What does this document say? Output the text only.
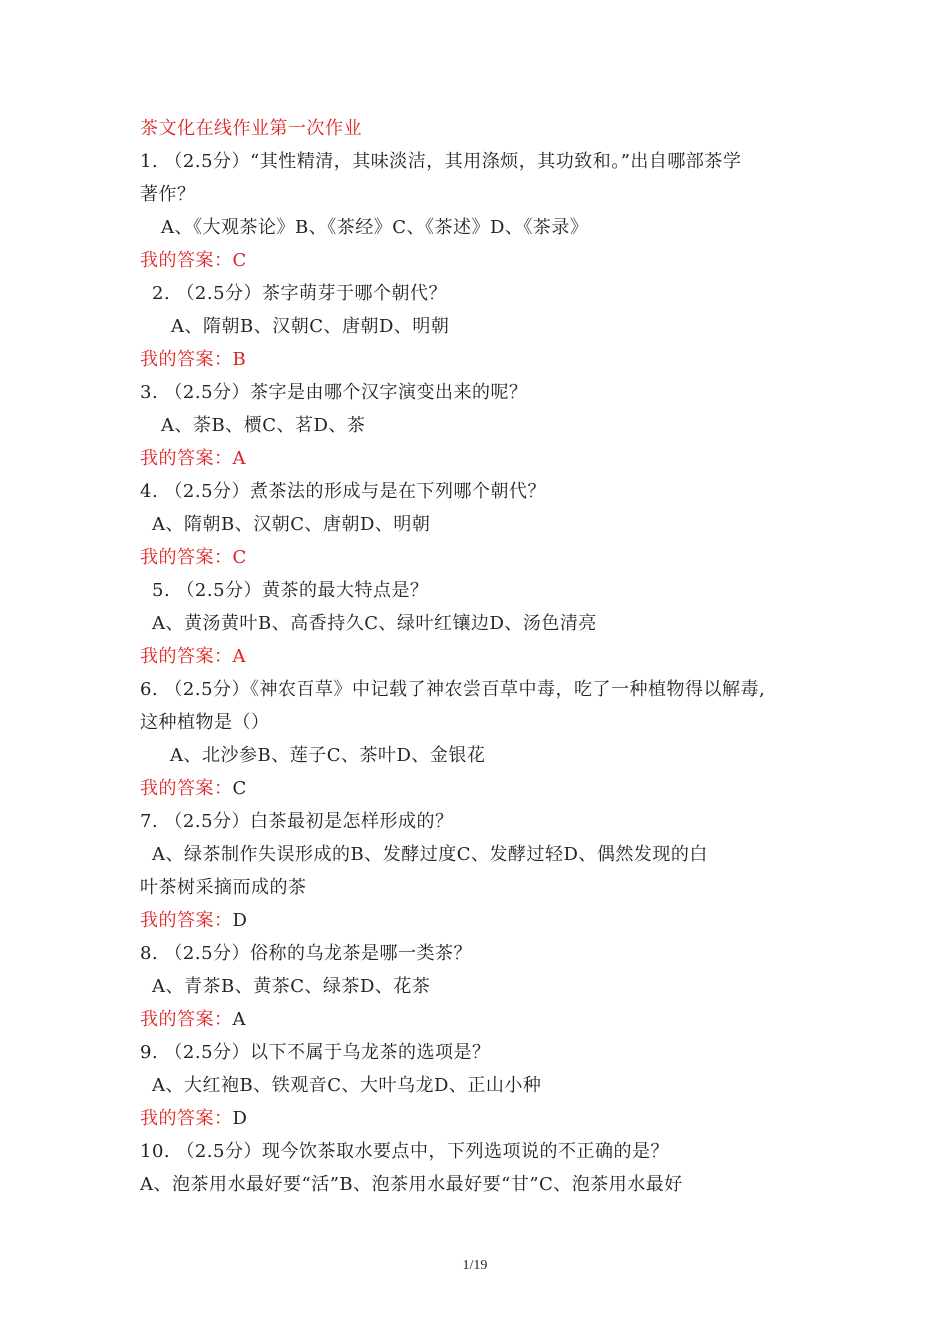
茶文化在线作业第一次作业
1. （2.5分）“其性精清，其味淡洁，其用涤烦，其功致和。”出自哪部茶学
著作？
A、《大观茶论》B、《茶经》C、《茶述》D、《茶录》
我的答案：C
2. （2.5分）茶字萌芽于哪个朝代？
A、隋朝B、汉朝C、唐朝D、明朝
我的答案：B
3. （2.5分）茶字是由哪个汉字演变出来的呢？
A、荼B、槚C、茗D、茶
我的答案：A
4. （2.5分）煮茶法的形成与是在下列哪个朝代？
A、隋朝B、汉朝C、唐朝D、明朝
我的答案：C
5. （2.5分）黄茶的最大特点是？
A、黄汤黄叶B、高香持久C、绿叶红镶边D、汤色清亮
我的答案：A
6. （2.5分）《神农百草》中记载了神农尝百草中毒，吃了一种植物得以解毒,
这种植物是（）
A、北沙参B、莲子C、茶叶D、金银花
我的答案：C
7. （2.5分）白茶最初是怎样形成的？
A、绿茶制作失误形成的B、发酵过度C、发酵过轻D、偶然发现的白
叶茶树采摘而成的茶
我的答案：D
8. （2.5分）俗称的乌龙茶是哪一类茶？
A、青茶B、黄茶C、绿茶D、花茶
我的答案：A
9. （2.5分）以下不属于乌龙茶的选项是？
A、大红袍B、铁观音C、大叶乌龙D、正山小种
我的答案：D
10. （2.5分）现今饮茶取水要点中，下列选项说的不正确的是？
A、泡茶用水最好要“活”B、泡茶用水最好要“甘”C、泡茶用水最好
1/19
